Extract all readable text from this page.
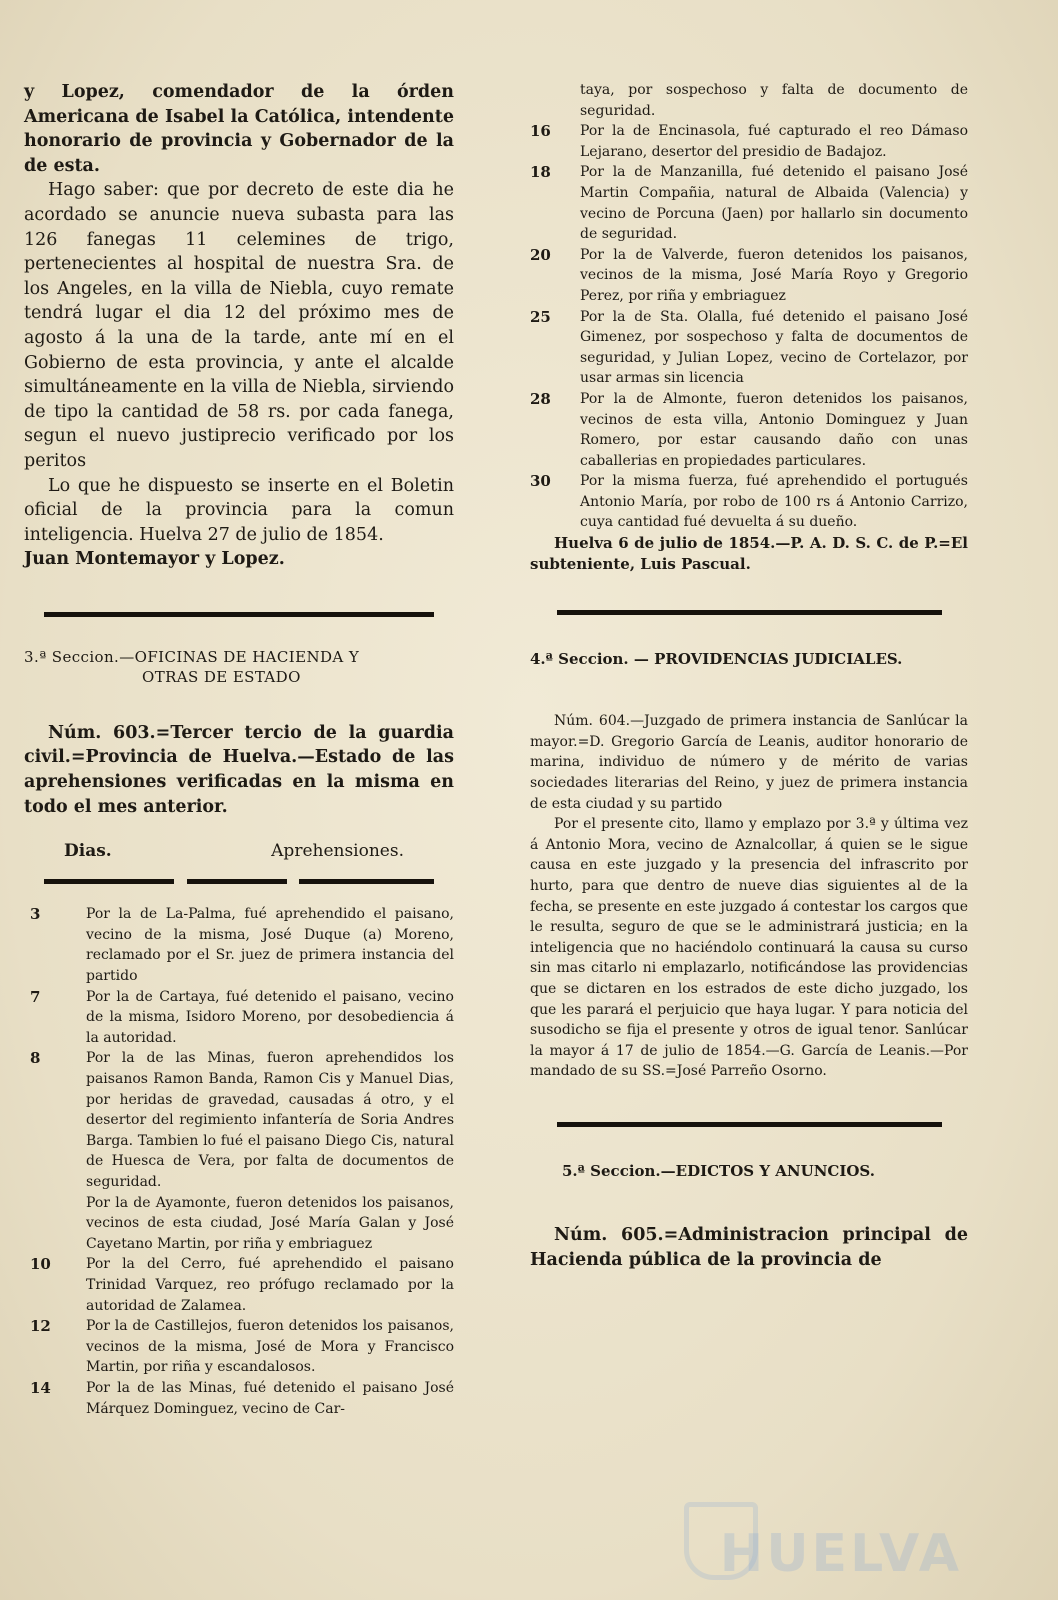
y Lopez, comendador de la órden Americana de Isabel la Católica, intendente honorario de provincia y Gobernador de la de esta.

Hago saber: que por decreto de este dia he acordado se anuncie nueva subasta para las 126 fanegas 11 celemines de trigo, pertenecientes al hospital de nuestra Sra. de los Angeles, en la villa de Niebla, cuyo remate tendrá lugar el dia 12 del próximo mes de agosto á la una de la tarde, ante mí en el Gobierno de esta provincia, y ante el alcalde simultáneamente en la villa de Niebla, sirviendo de tipo la cantidad de 58 rs. por cada fanega, segun el nuevo justiprecio verificado por los peritos

Lo que he dispuesto se inserte en el Boletin oficial de la provincia para la comun inteligencia. Huelva 27 de julio de 1854.

Juan Montemayor y Lopez.

3.ª Seccion.—OFICINAS DE HACIENDA Y

OTRAS DE ESTADO

Núm. 603.=Tercer tercio de la guardia civil.=Provincia de Huelva.—Estado de las aprehensiones verificadas en la misma en todo el mes anterior.

Dias.	Aprehensiones.
3	Por la de La-Palma, fué aprehendido el paisano, vecino de la misma, José Duque (a) Moreno, reclamado por el Sr. juez de primera instancia del partido

7	Por la de Cartaya, fué detenido el paisano, vecino de la misma, Isidoro Moreno, por desobediencia á la autoridad.

8	Por la de las Minas, fueron aprehendidos los paisanos Ramon Banda, Ramon Cis y Manuel Dias, por heridas de gravedad, causadas á otro, y el desertor del regimiento infantería de Soria Andres Barga. Tambien lo fué el paisano Diego Cis, natural de Huesca de Vera, por falta de documentos de seguridad.

Por la de Ayamonte, fueron detenidos los paisanos, vecinos de esta ciudad, José María Galan y José Cayetano Martin, por riña y embriaguez

10	Por la del Cerro, fué aprehendido el paisano Trinidad Varquez, reo prófugo reclamado por la autoridad de Zalamea.

12	Por la de Castillejos, fueron detenidos los paisanos, vecinos de la misma, José de Mora y Francisco Martin, por riña y escandalosos.

14	Por la de las Minas, fué detenido el paisano José Márquez Dominguez, vecino de Car-

taya, por sospechoso y falta de documento de seguridad.

16 Por la de Encinasola, fué capturado el reo Dámaso Lejarano, desertor del presidio de Badajoz.

18 Por la de Manzanilla, fué detenido el paisano José Martin Compañia, natural de Albaida (Valencia) y vecino de Porcuna (Jaen) por hallarlo sin documento de seguridad.

20 Por la de Valverde, fueron detenidos los paisanos, vecinos de la misma, José María Royo y Gregorio Perez, por riña y embriaguez

25 Por la de Sta. Olalla, fué detenido el paisano José Gimenez, por sospechoso y falta de documentos de seguridad, y Julian Lopez, vecino de Cortelazor, por usar armas sin licencia

28 Por la de Almonte, fueron detenidos los paisanos, vecinos de esta villa, Antonio Dominguez y Juan Romero, por estar causando daño con unas caballerias en propiedades particulares.

30 Por la misma fuerza, fué aprehendido el portugués Antonio María, por robo de 100 rs á Antonio Carrizo, cuya cantidad fué devuelta á su dueño.

Huelva 6 de julio de 1854.—P. A. D. S. C. de P.=El subteniente, Luis Pascual.

4.ª Seccion. — PROVIDENCIAS JUDICIALES.

Núm. 604.—Juzgado de primera instancia de Sanlúcar la mayor.=D. Gregorio García de Leanis, auditor honorario de marina, individuo de número y de mérito de varias sociedades literarias del Reino, y juez de primera instancia de esta ciudad y su partido

Por el presente cito, llamo y emplazo por 3.ª y última vez á Antonio Mora, vecino de Aznalcollar, á quien se le sigue causa en este juzgado y la presencia del infrascrito por hurto, para que dentro de nueve dias siguientes al de la fecha, se presente en este juzgado á contestar los cargos que le resulta, seguro de que se le administrará justicia; en la inteligencia que no haciéndolo continuará la causa su curso sin mas citarlo ni emplazarlo, notificándose las providencias que se dictaren en los estrados de este dicho juzgado, los que les parará el perjuicio que haya lugar. Y para noticia del susodicho se fija el presente y otros de igual tenor. Sanlúcar la mayor á 17 de julio de 1854.—G. García de Leanis.—Por mandado de su SS.=José Parreño Osorno.

5.ª Seccion.—EDICTOS Y ANUNCIOS.

Núm. 605.=Administracion principal de Hacienda pública de la provincia de

HUELVA
